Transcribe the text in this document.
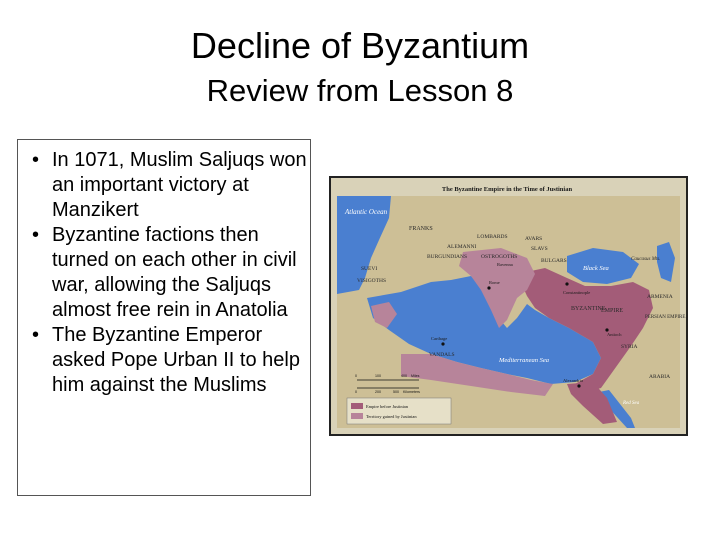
Decline of Byzantium
Review from Lesson 8
• In 1071, Muslim Saljuqs won an important victory at Manzikert
• Byzantine factions then turned on each other in civil war, allowing the Saljuqs almost free rein in Anatolia
• The Byzantine Emperor asked Pope Urban II to help him against the Muslims
The Byzantine Empire in the Time of Justinian
Atlantic Ocean
FRANKS
LOMBARDS
ALEMANNI
AVARS
BURGUNDIANS	OSTROGOTHS
SLAVS
SUEVI
BULGARS
VISIGOTHS
Black Sea
Caucasus Mts.
ARMENIA
PERSIAN EMPIRE
VANDALS
Mediterranean Sea
Constantinople
BYZANTINE
EMPIRE
SYRIA
Alexandria
ARABIA
Red Sea
Rome
Carthage
Ravenna
Antioch
0	100	400 Miles
0	200	500 Kilometers
Empire before Justinian
Territory gained by Justinian
